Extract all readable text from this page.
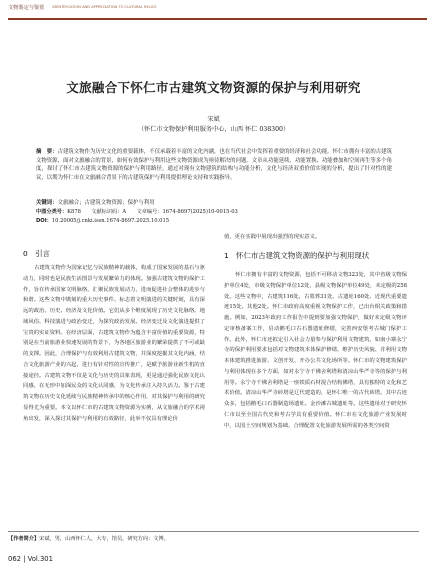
文物鉴定与鉴赏 IDENTIFICATION AND APPRECIATION TO CULTURAL RELICS
文旅融合下怀仁市古建筑文物资源的保护与利用研究
宋斌
（怀仁市文物保护利用服务中心，山西 怀仁 038300）
摘　要：古建筑文物作为历史文化的重要载体，不仅承载着丰富的文化内涵，也在当代社会中发挥着重要的经济和社会功能。怀仁市拥有丰富的古建筑文物资源，面对文旅融合的背景，如何有效保护与利用这些文物资源成为亟待解决的问题。文章从功能延续、功能置换、功能叠加和空间再生等多个角度，探讨了怀仁市古建筑文物资源的保护与利用路径。通过对现有文物建筑的结构与功能分析，文化与经济双重价值实现的分析，提出了针对性的建议，以期为怀仁市在文旅融合背景下的古建筑保护与利用提供理论支持和实践指导。
关键词：文旅融合；古建筑文物资源；保护与利用
中图分类号：K878　　文献标识码：A　　文章编号：1674-8697(2025)10-0015-03
DOI：10.20005/j.cnki.issn.1674-8697.2025.10.015
0　引言

古建筑文物作为国家记忆与民族精神的载体，构成了国家发展的基石与驱动力，同时也是民族生活图景与发展繁荣力的体现。加强古建筑文物的保护工作，旨在传承国家文明脉络，汇聚民族发展动力，进而促进社会整体的进步与和谐。这些文物中镌刻的重大历史事件、标志着文明演进的关键时刻，具有深远的政治、历史、经济及文化价值。它们从多个维度展现了历史文化脉络、地域风俗、科技演进与政治变迁，为探究政治发展、经济变迁及文化演进提供了宝贵的实证资料。在经济层面，古建筑文物作为蕴含丰富价值的重要资源，特别是在当前旅游业快速发展的背景下，为各地区旅游业的繁荣提供了不可或缺的支撑。因此，合理保护与有效利用古建筑文物，并深度挖掘其文化内涵，结合文化旅游产业的兴起，进行有针对性的宣传推广，是赋予旅游业新生机的直接途径。古建筑文物不仅是文化与历史的具象表现，更是通过强化民族文化认同感，在无形中加深民众的文化认同感，为文化传承注入持久活力。鉴于古建筑文物在历史文化延续与民族精神传承中的核心作用，对其保护与利用的研究显得尤为重要。本文以怀仁市的古建筑文物资源为实例，从文旅融合的学术视角出发，深入探讨其保护与利用的有效路径，此举不仅具有理论价

值，更在实践中展现出强烈的现实意义。

1　怀仁市古建筑文物资源的保护与利用现状

怀仁市拥有丰富的文物资源，包括不可移动文物323处，其中省级文物保护单位4处，市级文物保护单位12处，县级文物保护单位49处，未定级的258处。这些文物中，古建筑116处、古墓葬31处、古遗址160处、近现代重要遗迹15处、其他2处。怀仁市政府高度重视文物保护工作，已出台相关政策和措施。例如，2023年政府工作报告中提到要加强文物保护，做好未定级文物评定审核备案工作，启动鹅毛口古石器遗址修缮，完善西安堡考古城门保护工作。此外，怀仁市还拟定引入社会力量参与保护利用文物建筑，如南小寨永宁寺的保护利用要求包括对文物建筑本体保护修缮、维护历史风貌、并利用文物本体建筑推进旅游、文创开发、开办公共文化场所等。怀仁市的文物建筑保护与利用体现在多个方面，如对永宁寺千佛舍利塔和清凉山华严寺等的保护与利用等。永宁寺千佛舍利塔是一座铁质石材混合结构佛塔，具有独特的文化和艺术价值。清凉山华严寺砖塔是辽代建造的，是怀仁唯一的古代砖塔。其中古迹众多，包括鹅毛口石器制造场遗址、金沙滩古城遗址等。这些遗址对于研究怀仁市以至全国古代史和考古学具有重要价值。怀仁市在文化旅游产业发展时中，以国土空间规划为基础，合理配置文化旅游发展所需的各类空间资

【作者简介】宋斌，男，山西怀仁人，大专，馆员，研究方向：文博。
062 | Vol.301
